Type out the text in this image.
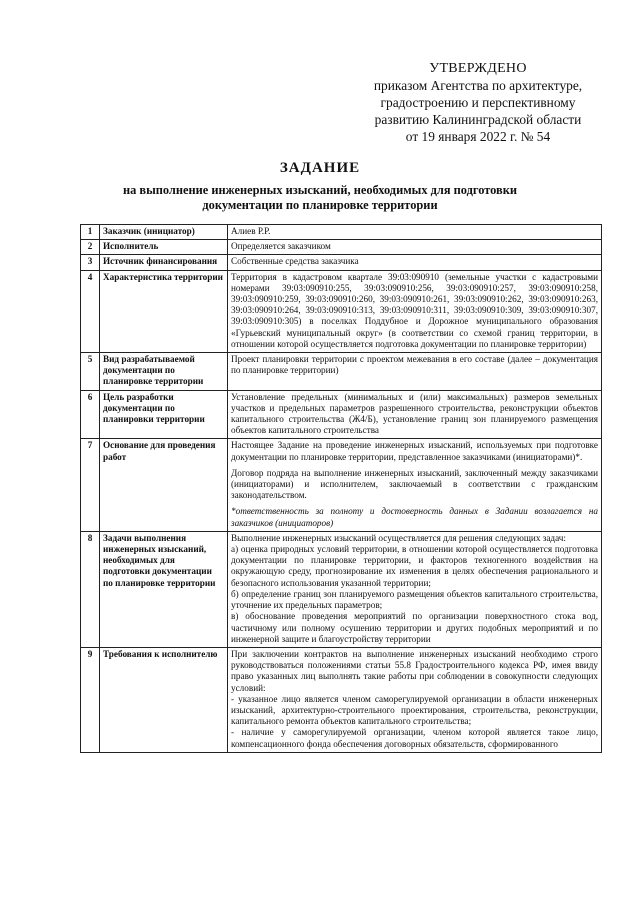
УТВЕРЖДЕНО
приказом Агентства по архитектуре,
градостроению и перспективному
развитию Калининградской области
от 19 января 2022 г. № 54
ЗАДАНИЕ
на выполнение инженерных изысканий, необходимых для подготовки
документации по планировке территории
1	Заказчик (инициатор)	Алиев Р.Р.

2	Исполнитель	Определяется заказчиком

3	Источник финансирования	Собственные средства заказчика

4	Характеристика территории	Территория в кадастровом квартале 39:03:090910 (земельные участки с кадастровыми номерами 39:03:090910:255, 39:03:090910:256, 39:03:090910:257, 39:03:090910:258, 39:03:090910:259, 39:03:090910:260, 39:03:090910:261, 39:03:090910:262, 39:03:090910:263, 39:03:090910:264, 39:03:090910:313, 39:03:090910:311, 39:03:090910:309, 39:03:090910:307, 39:03:090910:305) в поселках Поддубное и Дорожное муниципального образования «Гурьевский муниципальный округ» (в соответствии со схемой границ территории, в отношении которой осуществляется подготовка документации по планировке территории)

5	Вид разрабатываемой документации по планировке территории	Проект планировки территории с проектом межевания в его составе (далее – документация по планировке территории)

6	Цель разработки документации по планировки территории	Установление предельных (минимальных и (или) максимальных) размеров земельных участков и предельных параметров разрешенного строительства, реконструкции объектов капитального строительства (Ж4/Б), установление границ зон планируемого размещения объектов капитального строительства

7	Основание для проведения работ	Настоящее Задание на проведение инженерных изысканий, используемых при подготовке документации по планировке территории, представленное заказчиками (инициаторами)*.
Договор подряда на выполнение инженерных изысканий, заключенный между заказчиками (инициаторами) и исполнителем, заключаемый в соответствии с гражданским законодательством.
*ответственность за полноту и достоверность данных в Задании возлагается на заказчиков (инициаторов)

8	Задачи выполнения инженерных изысканий, необходимых для подготовки документации по планировке территории	Выполнение инженерных изысканий осуществляется для решения следующих задач:
а) оценка природных условий территории, в отношении которой осуществляется подготовка документации по планировке территории, и факторов техногенного воздействия на окружающую среду, прогнозирование их изменения в целях обеспечения рационального и безопасного использования указанной территории;
б) определение границ зон планируемого размещения объектов капитального строительства, уточнение их предельных параметров;
в) обоснование проведения мероприятий по организации поверхностного стока вод, частичному или полному осушению территории и других подобных мероприятий и по инженерной защите и благоустройству территории

9	Требования к исполнителю	При заключении контрактов на выполнение инженерных изысканий необходимо строго руководствоваться положениями статьи 55.8 Градостроительного кодекса РФ, имея ввиду право указанных лиц выполнять такие работы при соблюдении в совокупности следующих условий:
- указанное лицо является членом саморегулируемой организации в области инженерных изысканий, архитектурно-строительного проектирования, строительства, реконструкции, капитального ремонта объектов капитального строительства;
- наличие у саморегулируемой организации, членом которой является такое лицо, компенсационного фонда обеспечения договорных обязательств, сформированного
